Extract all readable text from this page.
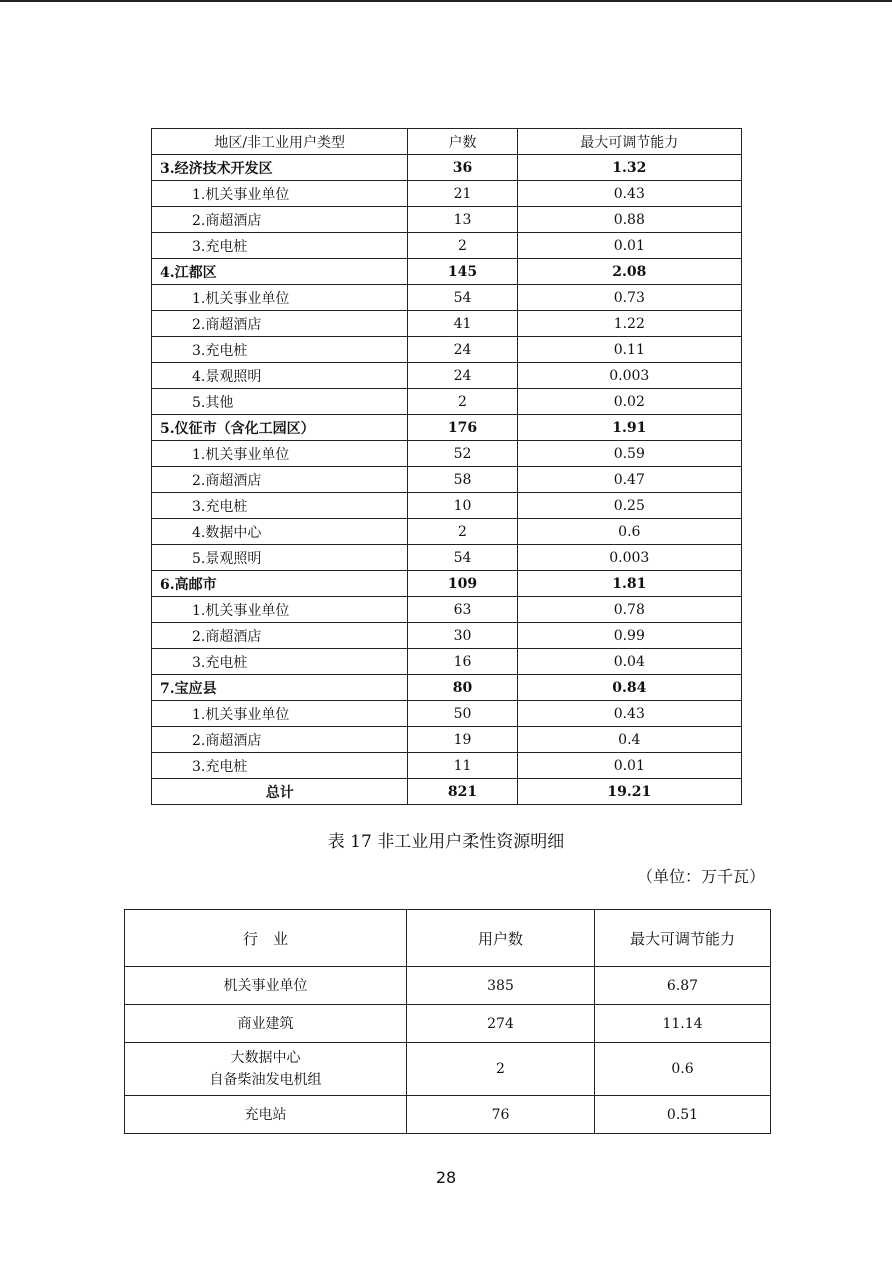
地区/非工业用户类型	户数	最大可调节能力
3.经济技术开发区	36	1.32
1.机关事业单位	21	0.43
2.商超酒店	13	0.88
3.充电桩	2	0.01
4.江都区	145	2.08
1.机关事业单位	54	0.73
2.商超酒店	41	1.22
3.充电桩	24	0.11
4.景观照明	24	0.003
5.其他	2	0.02
5.仪征市（含化工园区）	176	1.91
1.机关事业单位	52	0.59
2.商超酒店	58	0.47
3.充电桩	10	0.25
4.数据中心	2	0.6
5.景观照明	54	0.003
6.高邮市	109	1.81
1.机关事业单位	63	0.78
2.商超酒店	30	0.99
3.充电桩	16	0.04
7.宝应县	80	0.84
1.机关事业单位	50	0.43
2.商超酒店	19	0.4
3.充电桩	11	0.01
总计	821	19.21
表 17 非工业用户柔性资源明细
（单位：万千瓦）
行　业	用户数	最大可调节能力

机关事业单位	385	6.87

商业建筑	274	11.14

大数据中心
自备柴油发电机组	2	0.6

充电站	76	0.51
28
